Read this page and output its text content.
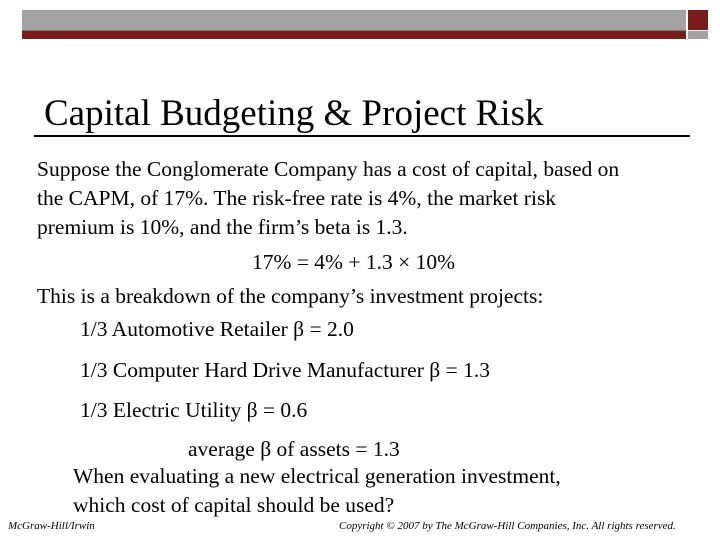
Capital Budgeting & Project Risk
Suppose the Conglomerate Company has a cost of capital, based on
the CAPM, of 17%. The risk-free rate is 4%, the market risk
premium is 10%, and the firm’s beta is 1.3.
17% = 4% + 1.3 × 10%
This is a breakdown of the company’s investment projects:
1/3 Automotive Retailer β = 2.0
1/3 Computer Hard Drive Manufacturer β = 1.3
1/3 Electric Utility β = 0.6
average β of assets = 1.3
When evaluating a new electrical generation investment,
which cost of capital should be used?
McGraw-Hill/Irwin	Copyright © 2007 by The McGraw-Hill Companies, Inc. All rights reserved.
